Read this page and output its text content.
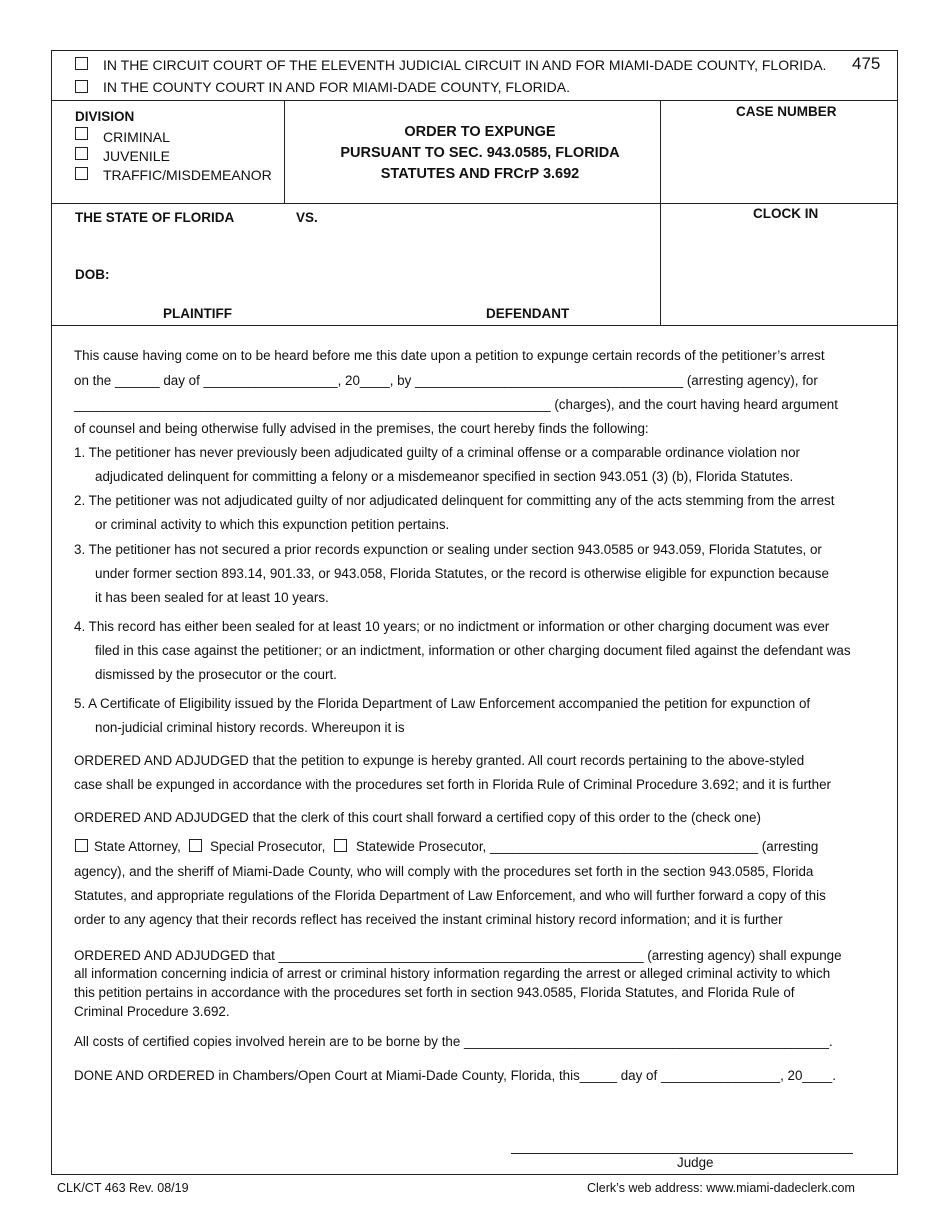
IN THE CIRCUIT COURT OF THE ELEVENTH JUDICIAL CIRCUIT IN AND FOR MIAMI-DADE COUNTY, FLORIDA. 475
IN THE COUNTY COURT IN AND FOR MIAMI-DADE COUNTY, FLORIDA.
DIVISION
CRIMINAL
JUVENILE
TRAFFIC/MISDEMEANOR
ORDER TO EXPUNGE
PURSUANT TO SEC. 943.0585, FLORIDA
STATUTES AND FRCrP 3.692
CASE NUMBER
THE STATE OF FLORIDA	VS.	CLOCK IN
DOB:
PLAINTIFF	DEFENDANT
This cause having come on to be heard before me this date upon a petition to expunge certain records of the petitioner’s arrest
on the ______ day of __________________, 20____, by ____________________________________ (arresting agency), for
________________________________________________________________ (charges), and the court having heard argument
of counsel and being otherwise fully advised in the premises, the court hereby finds the following:
1. The petitioner has never previously been adjudicated guilty of a criminal offense or a comparable ordinance violation nor
adjudicated delinquent for committing a felony or a misdemeanor specified in section 943.051 (3) (b), Florida Statutes.
2. The petitioner was not adjudicated guilty of nor adjudicated delinquent for committing any of the acts stemming from the arrest
or criminal activity to which this expunction petition pertains.
3. The petitioner has not secured a prior records expunction or sealing under section 943.0585 or 943.059, Florida Statutes, or
under former section 893.14, 901.33, or 943.058, Florida Statutes, or the record is otherwise eligible for expunction because
it has been sealed for at least 10 years.
4. This record has either been sealed for at least 10 years; or no indictment or information or other charging document was ever
filed in this case against the petitioner; or an indictment, information or other charging document filed against the defendant was
dismissed by the prosecutor or the court.
5. A Certificate of Eligibility issued by the Florida Department of Law Enforcement accompanied the petition for expunction of
non-judicial criminal history records. Whereupon it is
ORDERED AND ADJUDGED that the petition to expunge is hereby granted. All court records pertaining to the above-styled
case shall be expunged in accordance with the procedures set forth in Florida Rule of Criminal Procedure 3.692; and it is further
ORDERED AND ADJUDGED that the clerk of this court shall forward a certified copy of this order to the (check one)
State Attorney, Special Prosecutor, Statewide Prosecutor, ____________________________________ (arresting
agency), and the sheriff of Miami-Dade County, who will comply with the procedures set forth in the section 943.0585, Florida
Statutes, and appropriate regulations of the Florida Department of Law Enforcement, and who will further forward a copy of this
order to any agency that their records reflect has received the instant criminal history record information; and it is further
ORDERED AND ADJUDGED that _________________________________________________ (arresting agency) shall expunge
all information concerning indicia of arrest or criminal history information regarding the arrest or alleged criminal activity to which
this petition pertains in accordance with the procedures set forth in section 943.0585, Florida Statutes, and Florida Rule of
Criminal Procedure 3.692.
All costs of certified copies involved herein are to be borne by the _________________________________________________.
DONE AND ORDERED in Chambers/Open Court at Miami-Dade County, Florida, this_____ day of ________________, 20____.
Judge
CLK/CT 463 Rev. 08/19	Clerk’s web address: www.miami-dadeclerk.com
